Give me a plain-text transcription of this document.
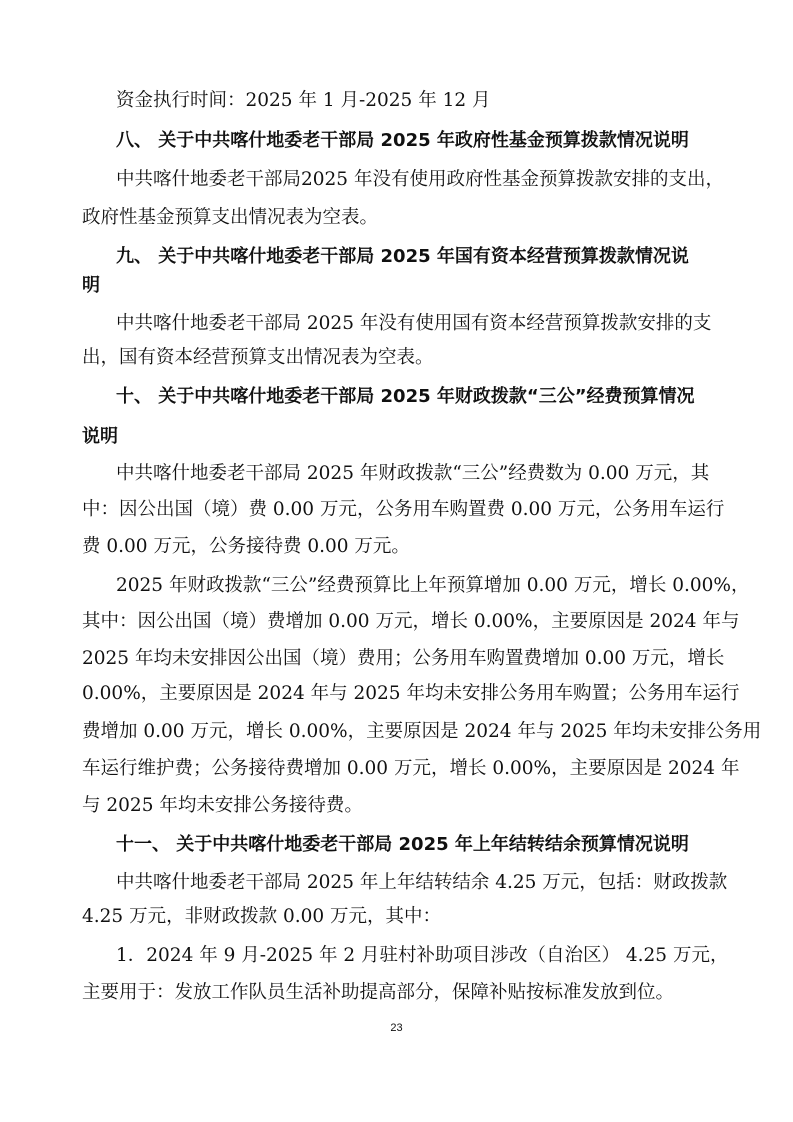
资金执行时间：2025 年 1 月-2025 年 12 月
八、 关于中共喀什地委老干部局 2025 年政府性基金预算拨款情况说明
中共喀什地委老干部局2025 年没有使用政府性基金预算拨款安排的支出，
政府性基金预算支出情况表为空表。
九、 关于中共喀什地委老干部局 2025 年国有资本经营预算拨款情况说
明
中共喀什地委老干部局 2025 年没有使用国有资本经营预算拨款安排的支
出，国有资本经营预算支出情况表为空表。
十、 关于中共喀什地委老干部局 2025 年财政拨款“三公”经费预算情况
说明
中共喀什地委老干部局 2025 年财政拨款“三公”经费数为 0.00 万元，其
中：因公出国（境）费 0.00 万元，公务用车购置费 0.00 万元，公务用车运行
费 0.00 万元，公务接待费 0.00 万元。
2025 年财政拨款“三公”经费预算比上年预算增加 0.00 万元，增长 0.00%，
其中：因公出国（境）费增加 0.00 万元，增长 0.00%，主要原因是 2024 年与
2025 年均未安排因公出国（境）费用；公务用车购置费增加 0.00 万元，增长
0.00%，主要原因是 2024 年与 2025 年均未安排公务用车购置；公务用车运行
费增加 0.00 万元，增长 0.00%，主要原因是 2024 年与 2025 年均未安排公务用
车运行维护费；公务接待费增加 0.00 万元，增长 0.00%，主要原因是 2024 年
与 2025 年均未安排公务接待费。
十一、 关于中共喀什地委老干部局 2025 年上年结转结余预算情况说明
中共喀什地委老干部局 2025 年上年结转结余 4.25 万元，包括：财政拨款
4.25 万元，非财政拨款 0.00 万元，其中：
1．2024 年 9 月-2025 年 2 月驻村补助项目涉改（自治区） 4.25 万元，
主要用于：发放工作队员生活补助提高部分，保障补贴按标准发放到位。
23
